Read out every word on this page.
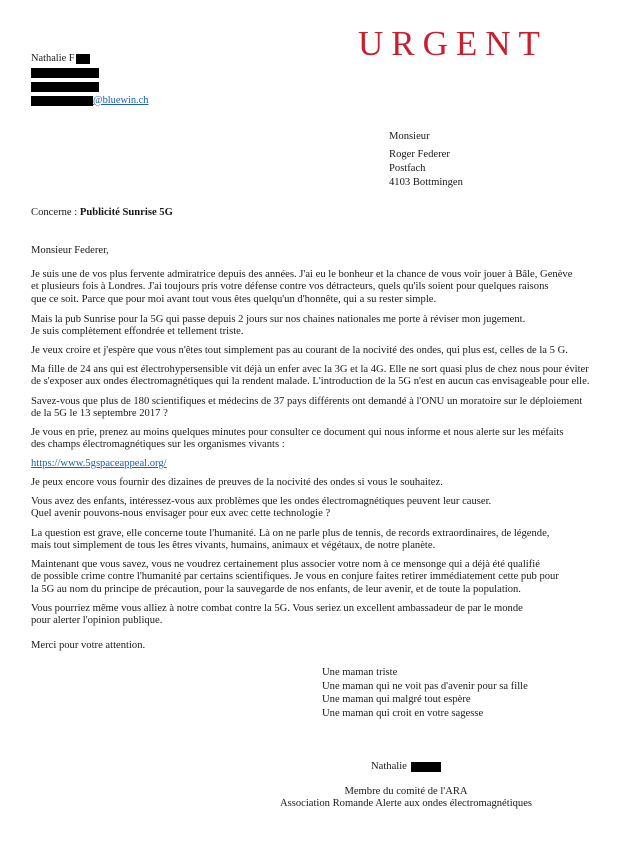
URGENT
Nathalie F
@bluewin.ch
Monsieur
Roger Federer
Postfach
4103 Bottmingen
Concerne : Publicité Sunrise 5G
Monsieur Federer,

Je suis une de vos plus fervente admiratrice depuis des années. J'ai eu le bonheur et la chance de vous voir jouer à Bâle, Genève

et plusieurs fois à Londres. J'ai toujours pris votre défense contre vos détracteurs, quels qu'ils soient pour quelques raisons

que ce soit. Parce que pour moi avant tout vous êtes quelqu'un d'honnête, qui a su rester simple.

Mais la pub Sunrise pour la 5G qui passe depuis 2 jours sur nos chaines nationales me porte à réviser mon jugement.

Je suis complètement effondrée et tellement triste.

Je veux croire et j'espère que vous n'êtes tout simplement pas au courant de la nocivité des ondes, qui plus est, celles de la 5 G.

Ma fille de 24 ans qui est électrohypersensible vit déjà un enfer avec la 3G et la 4G. Elle ne sort quasi plus de chez nous pour éviter

de s'exposer aux ondes électromagnétiques qui la rendent malade. L'introduction de la 5G n'est en aucun cas envisageable pour elle.

Savez-vous que plus de 180 scientifiques et médecins de 37 pays différents ont demandé à l'ONU un moratoire sur le déploiement

de la 5G le 13 septembre 2017 ?

Je vous en prie, prenez au moins quelques minutes pour consulter ce document qui nous informe et nous alerte sur les méfaits

des champs électromagnétiques sur les organismes vivants :

https://www.5gspaceappeal.org/

Je peux encore vous fournir des dizaines de preuves de la nocivité des ondes si vous le souhaitez.

Vous avez des enfants, intéressez-vous aux problèmes que les ondes électromagnétiques peuvent leur causer.

Quel avenir pouvons-nous envisager pour eux avec cette technologie ?

La question est grave, elle concerne toute l'humanité. Là on ne parle plus de tennis, de records extraordinaires, de légende,

mais tout simplement de tous les êtres vivants, humains, animaux et végétaux, de notre planète.

Maintenant que vous savez, vous ne voudrez certainement plus associer votre nom à ce mensonge qui a déjà été qualifié

de possible crime contre l'humanité par certains scientifiques. Je vous en conjure faites retirer immédiatement cette pub pour

la 5G au nom du principe de précaution, pour la sauvegarde de nos enfants, de leur avenir, et de toute la population.

Vous pourriez même vous alliez à notre combat contre la 5G. Vous seriez un excellent ambassadeur de par le monde

pour alerter l'opinion publique.

Merci pour votre attention.

Une maman triste
Une maman qui ne voit pas d'avenir pour sa fille
Une maman qui malgré tout espère
Une maman qui croit en votre sagesse
Nathalie
Membre du comité de l'ARA
Association Romande Alerte aux ondes électromagnétiques
